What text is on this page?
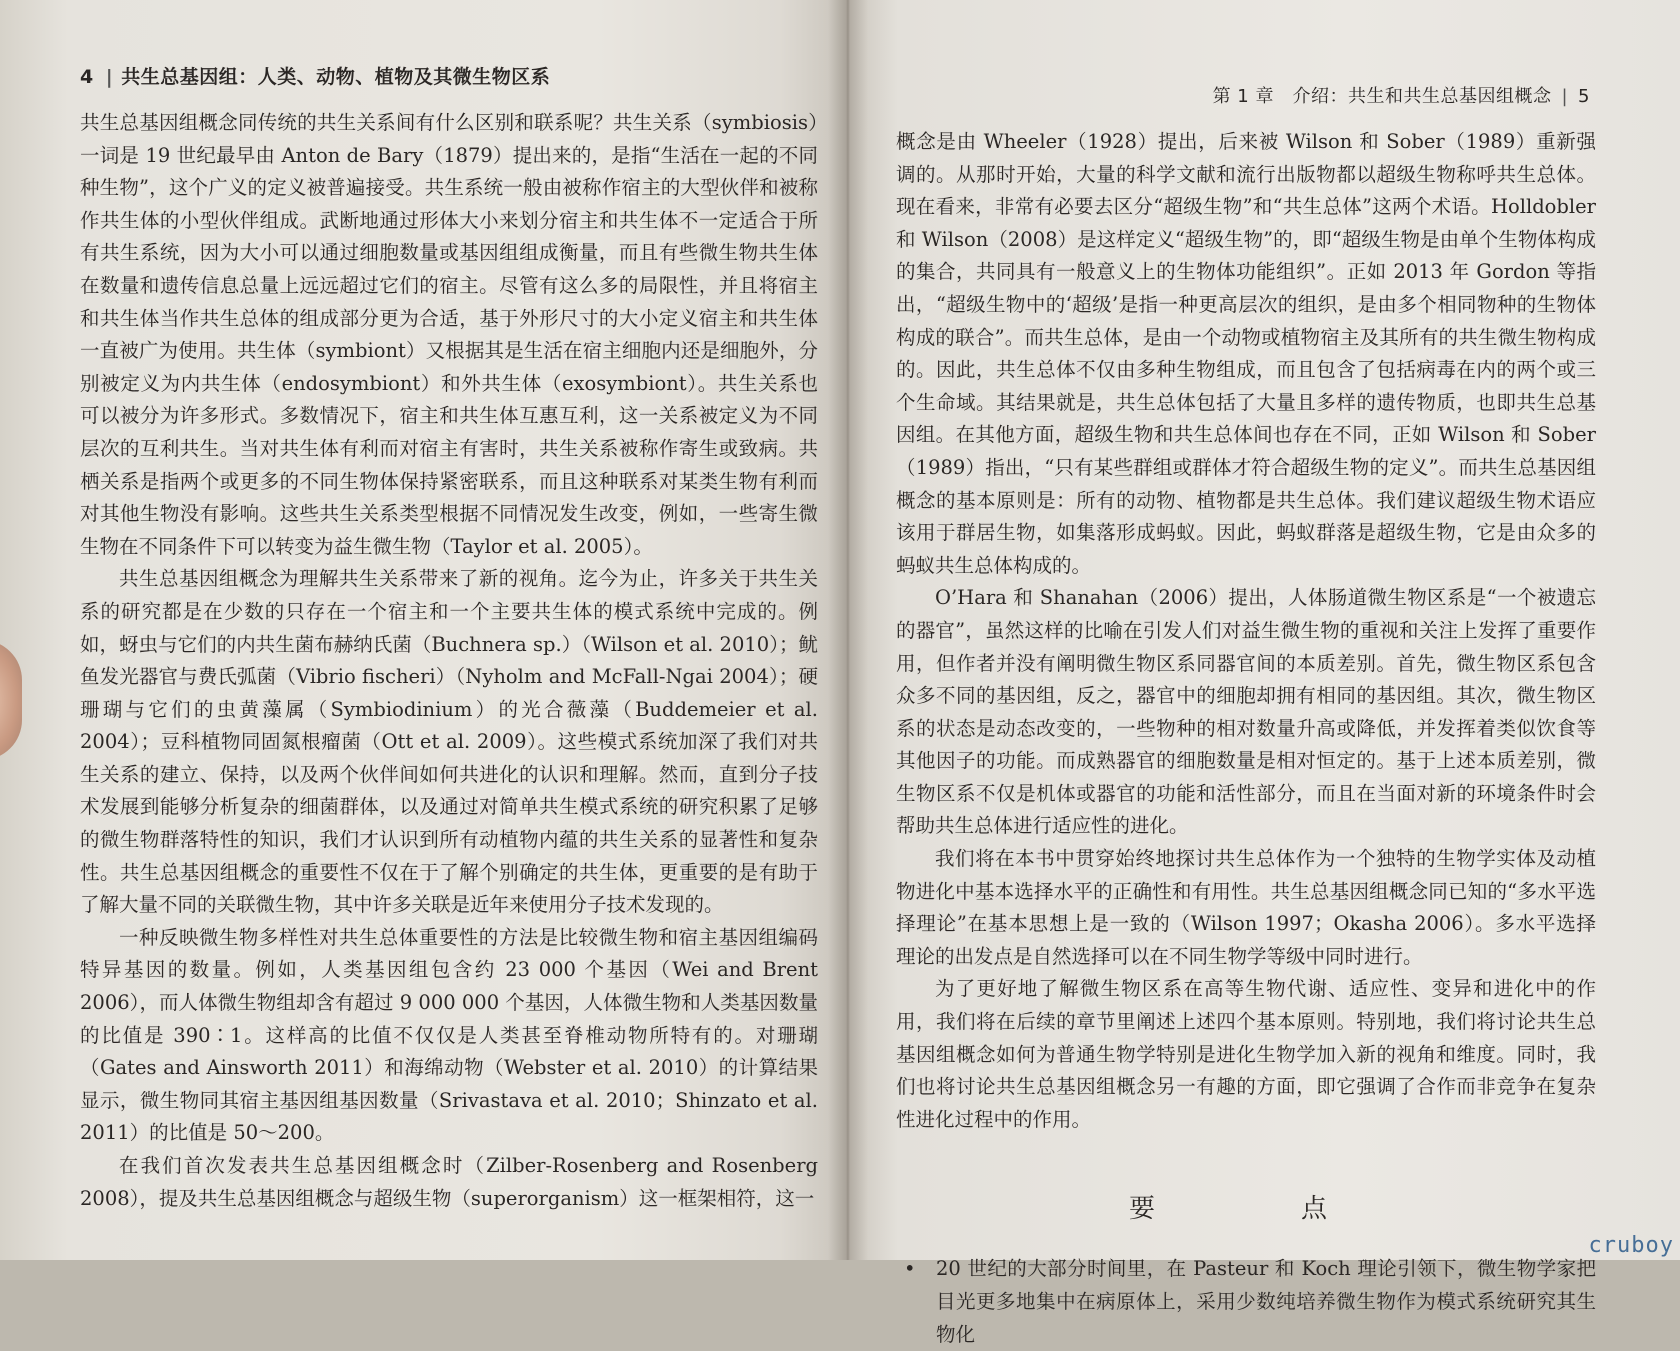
4 | 共生总基因组：人类、动物、植物及其微生物区系

共生总基因组概念同传统的共生关系间有什么区别和联系呢？共生关系（symbiosis）一词是 19 世纪最早由 Anton de Bary（1879）提出来的，是指“生活在一起的不同种生物”，这个广义的定义被普遍接受。共生系统一般由被称作宿主的大型伙伴和被称作共生体的小型伙伴组成。武断地通过形体大小来划分宿主和共生体不一定适合于所有共生系统，因为大小可以通过细胞数量或基因组组成衡量，而且有些微生物共生体在数量和遗传信息总量上远远超过它们的宿主。尽管有这么多的局限性，并且将宿主和共生体当作共生总体的组成部分更为合适，基于外形尺寸的大小定义宿主和共生体一直被广为使用。共生体（symbiont）又根据其是生活在宿主细胞内还是细胞外，分别被定义为内共生体（endosymbiont）和外共生体（exosymbiont）。共生关系也可以被分为许多形式。多数情况下，宿主和共生体互惠互利，这一关系被定义为不同层次的互利共生。当对共生体有利而对宿主有害时，共生关系被称作寄生或致病。共栖关系是指两个或更多的不同生物体保持紧密联系，而且这种联系对某类生物有利而对其他生物没有影响。这些共生关系类型根据不同情况发生改变，例如，一些寄生微生物在不同条件下可以转变为益生微生物（Taylor et al. 2005）。

共生总基因组概念为理解共生关系带来了新的视角。迄今为止，许多关于共生关系的研究都是在少数的只存在一个宿主和一个主要共生体的模式系统中完成的。例如，蚜虫与它们的内共生菌布赫纳氏菌（Buchnera sp.）（Wilson et al. 2010）；鱿鱼发光器官与费氏弧菌（Vibrio fischeri）（Nyholm and McFall-Ngai 2004）；硬珊瑚与它们的虫黄藻属（Symbiodinium）的光合薇藻（Buddemeier et al. 2004）；豆科植物同固氮根瘤菌（Ott et al. 2009）。这些模式系统加深了我们对共生关系的建立、保持，以及两个伙伴间如何共进化的认识和理解。然而，直到分子技术发展到能够分析复杂的细菌群体，以及通过对简单共生模式系统的研究积累了足够的微生物群落特性的知识，我们才认识到所有动植物内蕴的共生关系的显著性和复杂性。共生总基因组概念的重要性不仅在于了解个别确定的共生体，更重要的是有助于了解大量不同的关联微生物，其中许多关联是近年来使用分子技术发现的。

一种反映微生物多样性对共生总体重要性的方法是比较微生物和宿主基因组编码特异基因的数量。例如，人类基因组包含约 23 000 个基因（Wei and Brent 2006），而人体微生物组却含有超过 9 000 000 个基因，人体微生物和人类基因数量的比值是 390∶1。这样高的比值不仅仅是人类甚至脊椎动物所特有的。对珊瑚（Gates and Ainsworth 2011）和海绵动物（Webster et al. 2010）的计算结果显示，微生物同其宿主基因组基因数量（Srivastava et al. 2010；Shinzato et al. 2011）的比值是 50～200。

在我们首次发表共生总基因组概念时（Zilber-Rosenberg and Rosenberg 2008），提及共生总基因组概念与超级生物（superorganism）这一框架相符，这一

第 1 章　介绍：共生和共生总基因组概念 | 5

概念是由 Wheeler（1928）提出，后来被 Wilson 和 Sober（1989）重新强调的。从那时开始，大量的科学文献和流行出版物都以超级生物称呼共生总体。现在看来，非常有必要去区分“超级生物”和“共生总体”这两个术语。Holldobler 和 Wilson（2008）是这样定义“超级生物”的，即“超级生物是由单个生物体构成的集合，共同具有一般意义上的生物体功能组织”。正如 2013 年 Gordon 等指出，“超级生物中的‘超级’是指一种更高层次的组织，是由多个相同物种的生物体构成的联合”。而共生总体，是由一个动物或植物宿主及其所有的共生微生物构成的。因此，共生总体不仅由多种生物组成，而且包含了包括病毒在内的两个或三个生命域。其结果就是，共生总体包括了大量且多样的遗传物质，也即共生总基因组。在其他方面，超级生物和共生总体间也存在不同，正如 Wilson 和 Sober（1989）指出，“只有某些群组或群体才符合超级生物的定义”。而共生总基因组概念的基本原则是：所有的动物、植物都是共生总体。我们建议超级生物术语应该用于群居生物，如集落形成蚂蚁。因此，蚂蚁群落是超级生物，它是由众多的蚂蚁共生总体构成的。

O’Hara 和 Shanahan（2006）提出，人体肠道微生物区系是“一个被遗忘的器官”，虽然这样的比喻在引发人们对益生微生物的重视和关注上发挥了重要作用，但作者并没有阐明微生物区系同器官间的本质差别。首先，微生物区系包含众多不同的基因组，反之，器官中的细胞却拥有相同的基因组。其次，微生物区系的状态是动态改变的，一些物种的相对数量升高或降低，并发挥着类似饮食等其他因子的功能。而成熟器官的细胞数量是相对恒定的。基于上述本质差别，微生物区系不仅是机体或器官的功能和活性部分，而且在当面对新的环境条件时会帮助共生总体进行适应性的进化。

我们将在本书中贯穿始终地探讨共生总体作为一个独特的生物学实体及动植物进化中基本选择水平的正确性和有用性。共生总基因组概念同已知的“多水平选择理论”在基本思想上是一致的（Wilson 1997；Okasha 2006）。多水平选择理论的出发点是自然选择可以在不同生物学等级中同时进行。

为了更好地了解微生物区系在高等生物代谢、适应性、变异和进化中的作用，我们将在后续的章节里阐述上述四个基本原则。特别地，我们将讨论共生总基因组概念如何为普通生物学特别是进化生物学加入新的视角和维度。同时，我们也将讨论共生总基因组概念另一有趣的方面，即它强调了合作而非竞争在复杂性进化过程中的作用。

要　点
• 20 世纪的大部分时间里，在 Pasteur 和 Koch 理论引领下，微生物学家把目光更多地集中在病原体上，采用少数纯培养微生物作为模式系统研究其生物化
cruboy
